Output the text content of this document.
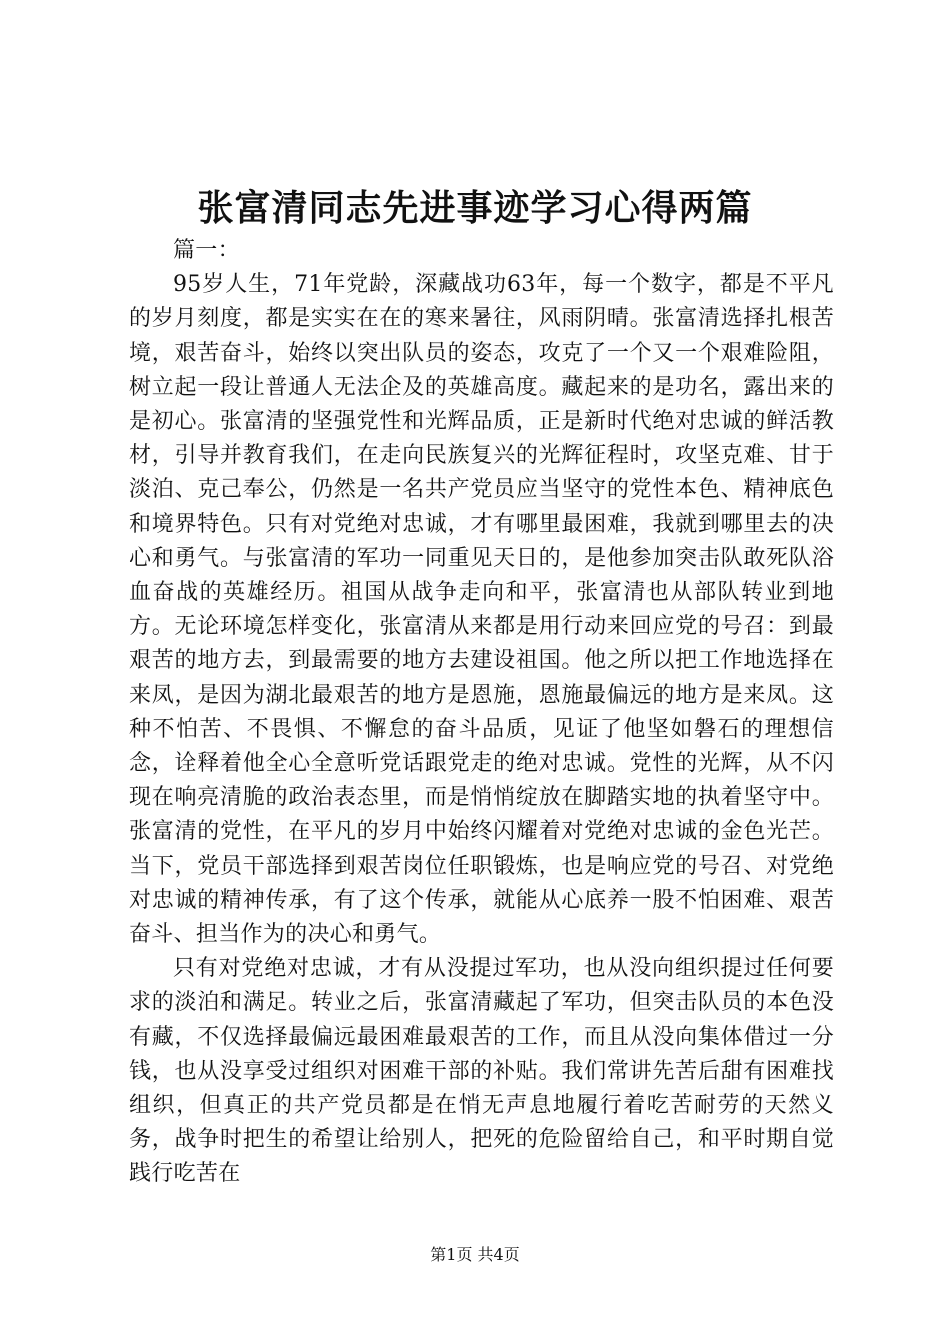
张富清同志先进事迹学习心得两篇

篇一：

95岁人生，71年党龄，深藏战功63年，每一个数字，都是不平凡的岁月刻度，都是实实在在的寒来暑往，风雨阴晴。张富清选择扎根苦境，艰苦奋斗，始终以突出队员的姿态，攻克了一个又一个艰难险阻，树立起一段让普通人无法企及的英雄高度。藏起来的是功名，露出来的是初心。张富清的坚强党性和光辉品质，正是新时代绝对忠诚的鲜活教材，引导并教育我们，在走向民族复兴的光辉征程时，攻坚克难、甘于淡泊、克己奉公，仍然是一名共产党员应当坚守的党性本色、精神底色和境界特色。只有对党绝对忠诚，才有哪里最困难，我就到哪里去的决心和勇气。与张富清的军功一同重见天日的，是他参加突击队敢死队浴血奋战的英雄经历。祖国从战争走向和平，张富清也从部队转业到地方。无论环境怎样变化，张富清从来都是用行动来回应党的号召：到最艰苦的地方去，到最需要的地方去建设祖国。他之所以把工作地选择在来凤，是因为湖北最艰苦的地方是恩施，恩施最偏远的地方是来凤。这种不怕苦、不畏惧、不懈怠的奋斗品质，见证了他坚如磐石的理想信念，诠释着他全心全意听党话跟党走的绝对忠诚。党性的光辉，从不闪现在响亮清脆的政治表态里，而是悄悄绽放在脚踏实地的执着坚守中。张富清的党性，在平凡的岁月中始终闪耀着对党绝对忠诚的金色光芒。当下，党员干部选择到艰苦岗位任职锻炼，也是响应党的号召、对党绝对忠诚的精神传承，有了这个传承，就能从心底养一股不怕困难、艰苦奋斗、担当作为的决心和勇气。

只有对党绝对忠诚，才有从没提过军功，也从没向组织提过任何要求的淡泊和满足。转业之后，张富清藏起了军功，但突击队员的本色没有藏，不仅选择最偏远最困难最艰苦的工作，而且从没向集体借过一分钱，也从没享受过组织对困难干部的补贴。我们常讲先苦后甜有困难找组织，但真正的共产党员都是在悄无声息地履行着吃苦耐劳的天然义务，战争时把生的希望让给别人，把死的危险留给自己，和平时期自觉践行吃苦在

第1页 共4页
